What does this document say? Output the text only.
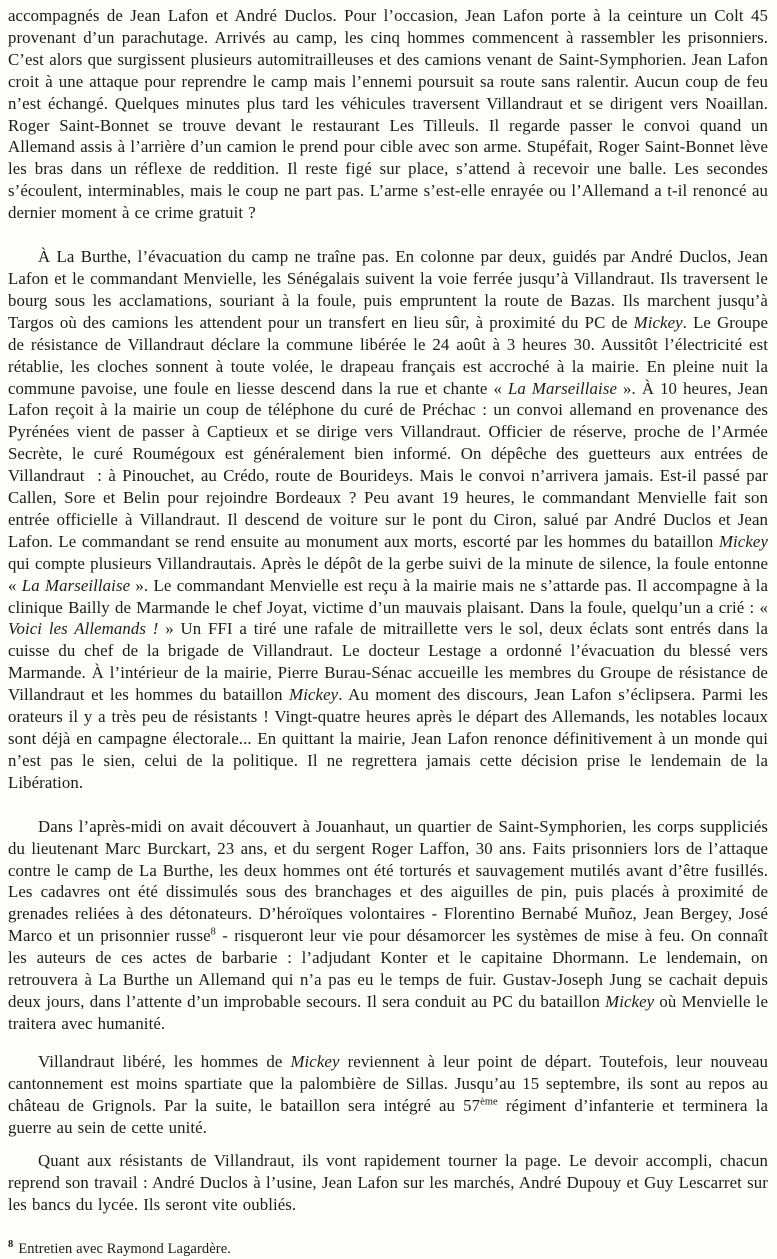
accompagnés de Jean Lafon et André Duclos. Pour l’occasion, Jean Lafon porte à la ceinture un Colt 45 provenant d’un parachutage. Arrivés au camp, les cinq hommes commencent à rassembler les prisonniers. C’est alors que surgissent plusieurs automitrailleuses et des camions venant de Saint-Symphorien. Jean Lafon croit à une attaque pour reprendre le camp mais l’ennemi poursuit sa route sans ralentir. Aucun coup de feu n’est échangé. Quelques minutes plus tard les véhicules traversent Villandraut et se dirigent vers Noaillan. Roger Saint-Bonnet se trouve devant le restaurant Les Tilleuls. Il regarde passer le convoi quand un Allemand assis à l’arrière d’un camion le prend pour cible avec son arme. Stupéfait, Roger Saint-Bonnet lève les bras dans un réflexe de reddition. Il reste figé sur place, s’attend à recevoir une balle. Les secondes s’écoulent, interminables, mais le coup ne part pas. L’arme s’est-elle enrayée ou l’Allemand a t-il renoncé au dernier moment à ce crime gratuit ?

À La Burthe, l’évacuation du camp ne traîne pas. En colonne par deux, guidés par André Duclos, Jean Lafon et le commandant Menvielle, les Sénégalais suivent la voie ferrée jusqu’à Villandraut. Ils traversent le bourg sous les acclamations, souriant à la foule, puis empruntent la route de Bazas. Ils marchent jusqu’à Targos où des camions les attendent pour un transfert en lieu sûr, à proximité du PC de Mickey. Le Groupe de résistance de Villandraut déclare la commune libérée le 24 août à 3 heures 30. Aussitôt l’électricité est rétablie, les cloches sonnent à toute volée, le drapeau français est accroché à la mairie. En pleine nuit la commune pavoise, une foule en liesse descend dans la rue et chante « La Marseillaise ». À 10 heures, Jean Lafon reçoit à la mairie un coup de téléphone du curé de Préchac : un convoi allemand en provenance des Pyrénées vient de passer à Captieux et se dirige vers Villandraut. Officier de réserve, proche de l’Armée Secrète, le curé Roumégoux est généralement bien informé. On dépêche des guetteurs aux entrées de Villandraut  : à Pinouchet, au Crédo, route de Bourideys. Mais le convoi n’arrivera jamais. Est-il passé par Callen, Sore et Belin pour rejoindre Bordeaux ? Peu avant 19 heures, le commandant Menvielle fait son entrée officielle à Villandraut. Il descend de voiture sur le pont du Ciron, salué par André Duclos et Jean Lafon. Le commandant se rend ensuite au monument aux morts, escorté par les hommes du bataillon Mickey qui compte plusieurs Villandrautais. Après le dépôt de la gerbe suivi de la minute de silence, la foule entonne « La Marseillaise ». Le commandant Menvielle est reçu à la mairie mais ne s’attarde pas. Il accompagne à la clinique Bailly de Marmande le chef Joyat, victime d’un mauvais plaisant. Dans la foule, quelqu’un a crié : « Voici les Allemands ! » Un FFI a tiré une rafale de mitraillette vers le sol, deux éclats sont entrés dans la cuisse du chef de la brigade de Villandraut. Le docteur Lestage a ordonné l’évacuation du blessé vers Marmande. À l’intérieur de la mairie, Pierre Burau-Sénac accueille les membres du Groupe de résistance de Villandraut et les hommes du bataillon Mickey. Au moment des discours, Jean Lafon s’éclipsera. Parmi les orateurs il y a très peu de résistants ! Vingt-quatre heures après le départ des Allemands, les notables locaux sont déjà en campagne électorale... En quittant la mairie, Jean Lafon renonce définitivement à un monde qui n’est pas le sien, celui de la politique. Il ne regrettera jamais cette décision prise le lendemain de la Libération.

Dans l’après-midi on avait découvert à Jouanhaut, un quartier de Saint-Symphorien, les corps suppliciés du lieutenant Marc Burckart, 23 ans, et du sergent Roger Laffon, 30 ans. Faits prisonniers lors de l’attaque contre le camp de La Burthe, les deux hommes ont été torturés et sauvagement mutilés avant d’être fusillés. Les cadavres ont été dissimulés sous des branchages et des aiguilles de pin, puis placés à proximité de grenades reliées à des détonateurs. D’héroïques volontaires - Florentino Bernabé Muñoz, Jean Bergey, José Marco et un prisonnier russe$^8$ - risqueront leur vie pour désamorcer les systèmes de mise à feu. On connaît les auteurs de ces actes de barbarie : l’adjudant Konter et le capitaine Dhormann. Le lendemain, on retrouvera à La Burthe un Allemand qui n’a pas eu le temps de fuir. Gustav-Joseph Jung se cachait depuis deux jours, dans l’attente d’un improbable secours. Il sera conduit au PC du bataillon Mickey où Menvielle le traitera avec humanité.

Villandraut libéré, les hommes de Mickey reviennent à leur point de départ. Toutefois, leur nouveau cantonnement est moins spartiate que la palombière de Sillas. Jusqu’au 15 septembre, ils sont au repos au château de Grignols. Par la suite, le bataillon sera intégré au 57ème régiment d’infanterie et terminera la guerre au sein de cette unité.

Quant aux résistants de Villandraut, ils vont rapidement tourner la page. Le devoir accompli, chacun reprend son travail : André Duclos à l’usine, Jean Lafon sur les marchés, André Dupouy et Guy Lescarret sur les bancs du lycée. Ils seront vite oubliés.

$^8$ Entretien avec Raymond Lagardère.
